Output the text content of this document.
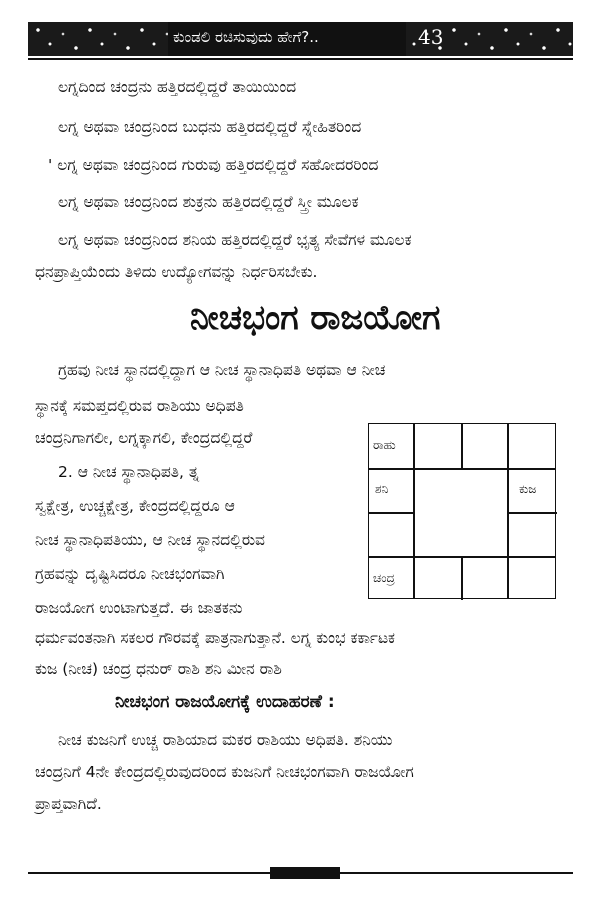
ಕುಂಡಲಿ ರಚಿಸುವುದು ಹೇಗೆ?..	43
ಲಗ್ನದಿಂದ ಚಂದ್ರನು ಹತ್ತಿರದಲ್ಲಿದ್ದರೆ ತಾಯಿಯಿಂದ
ಲಗ್ನ ಅಥವಾ ಚಂದ್ರನಿಂದ ಬುಧನು ಹತ್ತಿರದಲ್ಲಿದ್ದರೆ ಸ್ನೇಹಿತರಿಂದ
' ಲಗ್ನ ಅಥವಾ ಚಂದ್ರನಿಂದ ಗುರುವು ಹತ್ತಿರದಲ್ಲಿದ್ದರೆ ಸಹೋದರರಿಂದ
ಲಗ್ನ ಅಥವಾ ಚಂದ್ರನಿಂದ ಶುಕ್ರನು ಹತ್ತಿರದಲ್ಲಿದ್ದರೆ ಸ್ತ್ರೀ ಮೂಲಕ
ಲಗ್ನ ಅಥವಾ ಚಂದ್ರನಿಂದ ಶನಿಯ ಹತ್ತಿರದಲ್ಲಿದ್ದರೆ ಭೃತ್ಯ ಸೇವೆಗಳ ಮೂಲಕ
ಧನಪ್ರಾಪ್ತಿಯೆಂದು ತಿಳಿದು ಉದ್ಯೋಗವನ್ನು ನಿರ್ಧರಿಸಬೇಕು.
ನೀಚಭಂಗ ರಾಜಯೋಗ
ಗ್ರಹವು ನೀಚ ಸ್ಥಾನದಲ್ಲಿದ್ದಾಗ ಆ ನೀಚ ಸ್ಥಾನಾಧಿಪತಿ ಅಥವಾ ಆ ನೀಚ
ಸ್ಥಾನಕ್ಕೆ ಸಮಪ್ತದಲ್ಲಿರುವ ರಾಶಿಯು ಅಧಿಪತಿ
ಚಂದ್ರನಿಗಾಗಲೀ, ಲಗ್ನಕ್ಕಾಗಲಿ, ಕೇಂದ್ರದಲ್ಲಿದ್ದರೆ
2. ಆ ನೀಚ ಸ್ಥಾನಾಧಿಪತಿ, ತ್ನ
ಸ್ವಕ್ಷೇತ್ರ, ಉಚ್ಚಕ್ಷೇತ್ರ, ಕೇಂದ್ರದಲ್ಲಿದ್ದರೂ ಆ
ನೀಚ ಸ್ಥಾನಾಧಿಪತಿಯು, ಆ ನೀಚ ಸ್ಥಾನದಲ್ಲಿರುವ
ಗ್ರಹವನ್ನು ದೃಷ್ಟಿಸಿದರೂ ನೀಚಭಂಗವಾಗಿ
ರಾಜಯೋಗ ಉಂಟಾಗುತ್ತದೆ. ಈ ಜಾತಕನು
ಧರ್ಮವಂತನಾಗಿ ಸಕಲರ ಗೌರವಕ್ಕೆ ಪಾತ್ರನಾಗುತ್ತಾನೆ. ಲಗ್ನ ಕುಂಭ ಕರ್ಕಾಟಕ
ಕುಜ (ನೀಚ) ಚಂದ್ರ ಧನುರ್ ರಾಶಿ ಶನಿ ಮೀನ ರಾಶಿ
ರಾಹು
ಶನಿ	ಕುಜ
ಚಂದ್ರ
ನೀಚಭಂಗ ರಾಜಯೋಗಕ್ಕೆ ಉದಾಹರಣೆ :
ನೀಚ ಕುಜನಿಗೆ ಉಚ್ಚ ರಾಶಿಯಾದ ಮಕರ ರಾಶಿಯು ಅಧಿಪತಿ. ಶನಿಯು
ಚಂದ್ರನಿಗೆ 4ನೇ ಕೇಂದ್ರದಲ್ಲಿರುವುದರಿಂದ ಕುಜನಿಗೆ ನೀಚಭಂಗವಾಗಿ ರಾಜಯೋಗ
ಪ್ರಾಪ್ತವಾಗಿದೆ.
